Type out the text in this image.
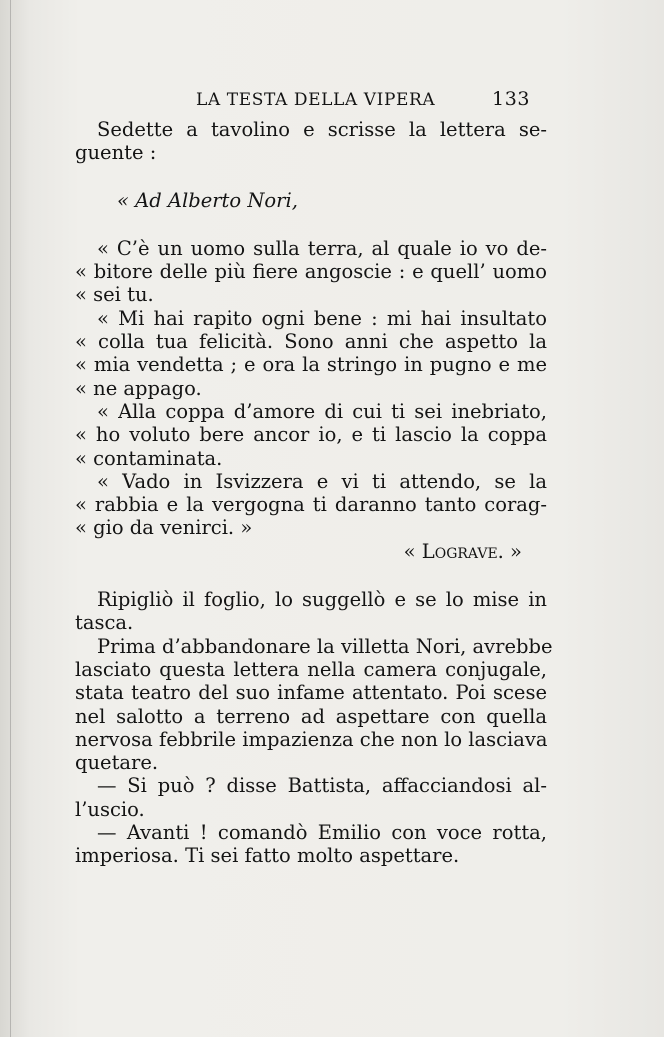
LA TESTA DELLA VIPERA	133
Sedette a tavolino e scrisse la lettera se-
guente :
« Ad Alberto Nori,
« C’è un uomo sulla terra, al quale io vo de-
« bitore delle più fiere angoscie : e quell’ uomo
« sei tu.
« Mi hai rapito ogni bene : mi hai insultato
« colla tua felicità. Sono anni che aspetto la
« mia vendetta ; e ora la stringo in pugno e me
« ne appago.
« Alla coppa d’amore di cui ti sei inebriato,
« ho voluto bere ancor io, e ti lascio la coppa
« contaminata.
« Vado in Isvizzera e vi ti attendo, se la
« rabbia e la vergogna ti daranno tanto corag-
« gio da venirci. »
« Lograve. »
Ripigliò il foglio, lo suggellò e se lo mise in
tasca.
Prima d’abbandonare la villetta Nori, avrebbe
lasciato questa lettera nella camera conjugale,
stata teatro del suo infame attentato. Poi scese
nel salotto a terreno ad aspettare con quella
nervosa febbrile impazienza che non lo lasciava
quetare.
— Si può ? disse Battista, affacciandosi al-
l’uscio.
— Avanti ! comandò Emilio con voce rotta,
imperiosa. Ti sei fatto molto aspettare.
